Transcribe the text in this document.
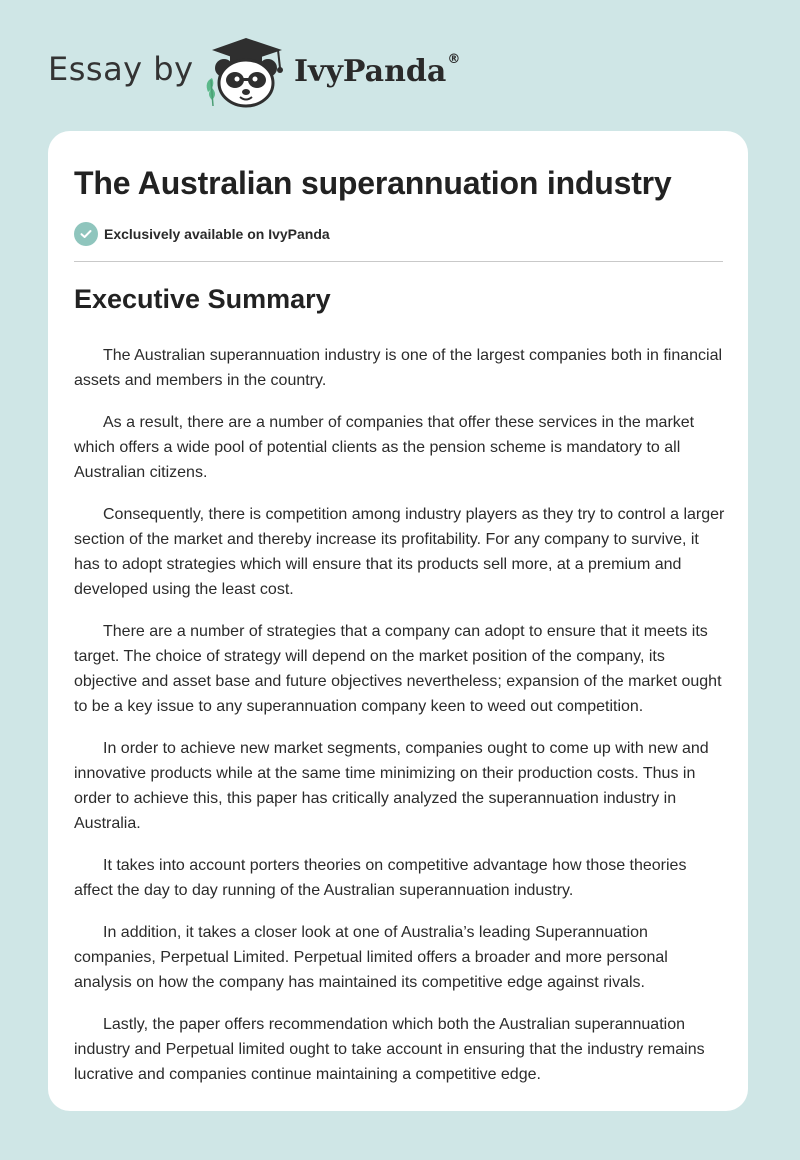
Essay by	IvyPanda®
The Australian superannuation industry
Exclusively available on IvyPanda
Executive Summary

The Australian superannuation industry is one of the largest companies both in financial assets and members in the country.

As a result, there are a number of companies that offer these services in the market which offers a wide pool of potential clients as the pension scheme is mandatory to all Australian citizens.

Consequently, there is competition among industry players as they try to control a larger section of the market and thereby increase its profitability. For any company to survive, it has to adopt strategies which will ensure that its products sell more, at a premium and developed using the least cost.

There are a number of strategies that a company can adopt to ensure that it meets its target. The choice of strategy will depend on the market position of the company, its objective and asset base and future objectives nevertheless; expansion of the market ought to be a key issue to any superannuation company keen to weed out competition.

In order to achieve new market segments, companies ought to come up with new and innovative products while at the same time minimizing on their production costs. Thus in order to achieve this, this paper has critically analyzed the superannuation industry in Australia.

It takes into account porters theories on competitive advantage how those theories affect the day to day running of the Australian superannuation industry.

In addition, it takes a closer look at one of Australia’s leading Superannuation companies, Perpetual Limited. Perpetual limited offers a broader and more personal analysis on how the company has maintained its competitive edge against rivals.

Lastly, the paper offers recommendation which both the Australian superannuation industry and Perpetual limited ought to take account in ensuring that the industry remains lucrative and companies continue maintaining a competitive edge.
